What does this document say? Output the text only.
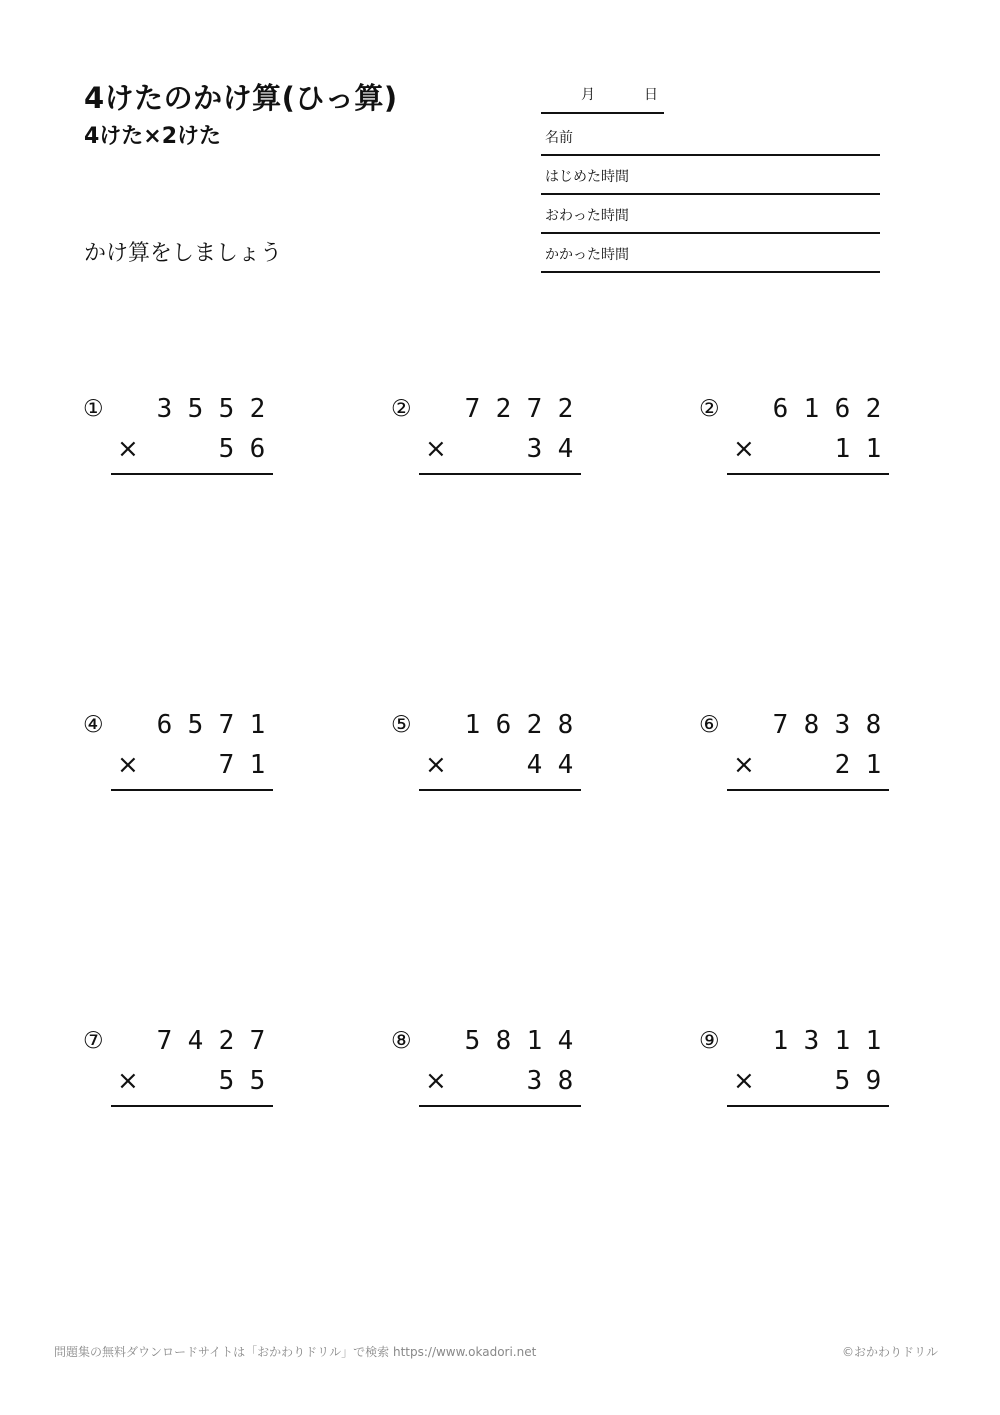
4けたのかけ算(ひっ算)
4けた×2けた
かけ算をしましょう
月	日
名前
はじめた時間
おわった時間
かかった時間
① 3 5 5 2
×	5 6
② 7 2 7 2
×	3 4
② 6 1 6 2
×	1 1
④ 6 5 7 1
×	7 1
⑤ 1 6 2 8
×	4 4
⑥ 7 8 3 8
×	2 1
⑦ 7 4 2 7
×	5 5
⑧ 5 8 1 4
×	3 8
⑨ 1 3 1 1
×	5 9
問題集の無料ダウンロードサイトは「おかわりドリル」で検索 https://www.okadori.net	©おかわりドリル
